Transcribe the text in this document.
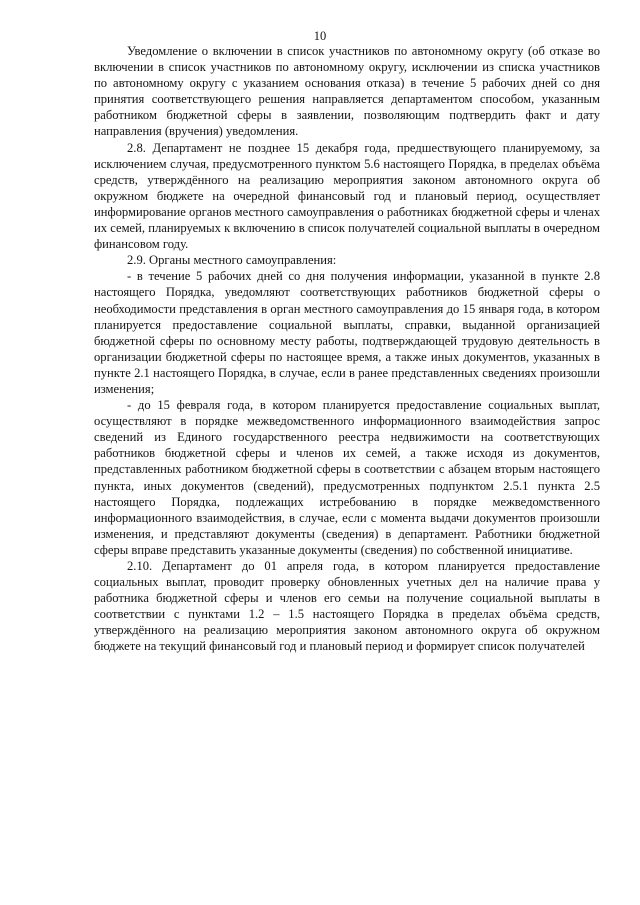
10

Уведомление о включении в список участников по автономному округу (об отказе во включении в список участников по автономному округу, исключении из списка участников по автономному округу с указанием основания отказа) в течение 5 рабочих дней со дня принятия соответствующего решения направляется департаментом способом, указанным работником бюджетной сферы в заявлении, позволяющим подтвердить факт и дату направления (вручения) уведомления.

2.8. Департамент не позднее 15 декабря года, предшествующего планируемому, за исключением случая, предусмотренного пунктом 5.6 настоящего Порядка, в пределах объёма средств, утверждённого на реализацию мероприятия законом автономного округа об окружном бюджете на очередной финансовый год и плановый период, осуществляет информирование органов местного самоуправления о работниках бюджетной сферы и членах их семей, планируемых к включению в список получателей социальной выплаты в очередном финансовом году.

2.9. Органы местного самоуправления:

- в течение 5 рабочих дней со дня получения информации, указанной в пункте 2.8 настоящего Порядка, уведомляют соответствующих работников бюджетной сферы о необходимости представления в орган местного самоуправления до 15 января года, в котором планируется предоставление социальной выплаты, справки, выданной организацией бюджетной сферы по основному месту работы, подтверждающей трудовую деятельность в организации бюджетной сферы по настоящее время, а также иных документов, указанных в пункте 2.1 настоящего Порядка, в случае, если в ранее представленных сведениях произошли изменения;

- до 15 февраля года, в котором планируется предоставление социальных выплат, осуществляют в порядке межведомственного информационного взаимодействия запрос сведений из Единого государственного реестра недвижимости на соответствующих работников бюджетной сферы и членов их семей, а также исходя из документов, представленных работником бюджетной сферы в соответствии с абзацем вторым настоящего пункта, иных документов (сведений), предусмотренных подпунктом 2.5.1 пункта 2.5 настоящего Порядка, подлежащих истребованию в порядке межведомственного информационного взаимодействия, в случае, если с момента выдачи документов произошли изменения, и представляют документы (сведения) в департамент. Работники бюджетной сферы вправе представить указанные документы (сведения) по собственной инициативе.

2.10. Департамент до 01 апреля года, в котором планируется предоставление социальных выплат, проводит проверку обновленных учетных дел на наличие права у работника бюджетной сферы и членов его семьи на получение социальной выплаты в соответствии с пунктами 1.2 – 1.5 настоящего Порядка в пределах объёма средств, утверждённого на реализацию мероприятия законом автономного округа об окружном бюджете на текущий финансовый год и плановый период и формирует список получателей
